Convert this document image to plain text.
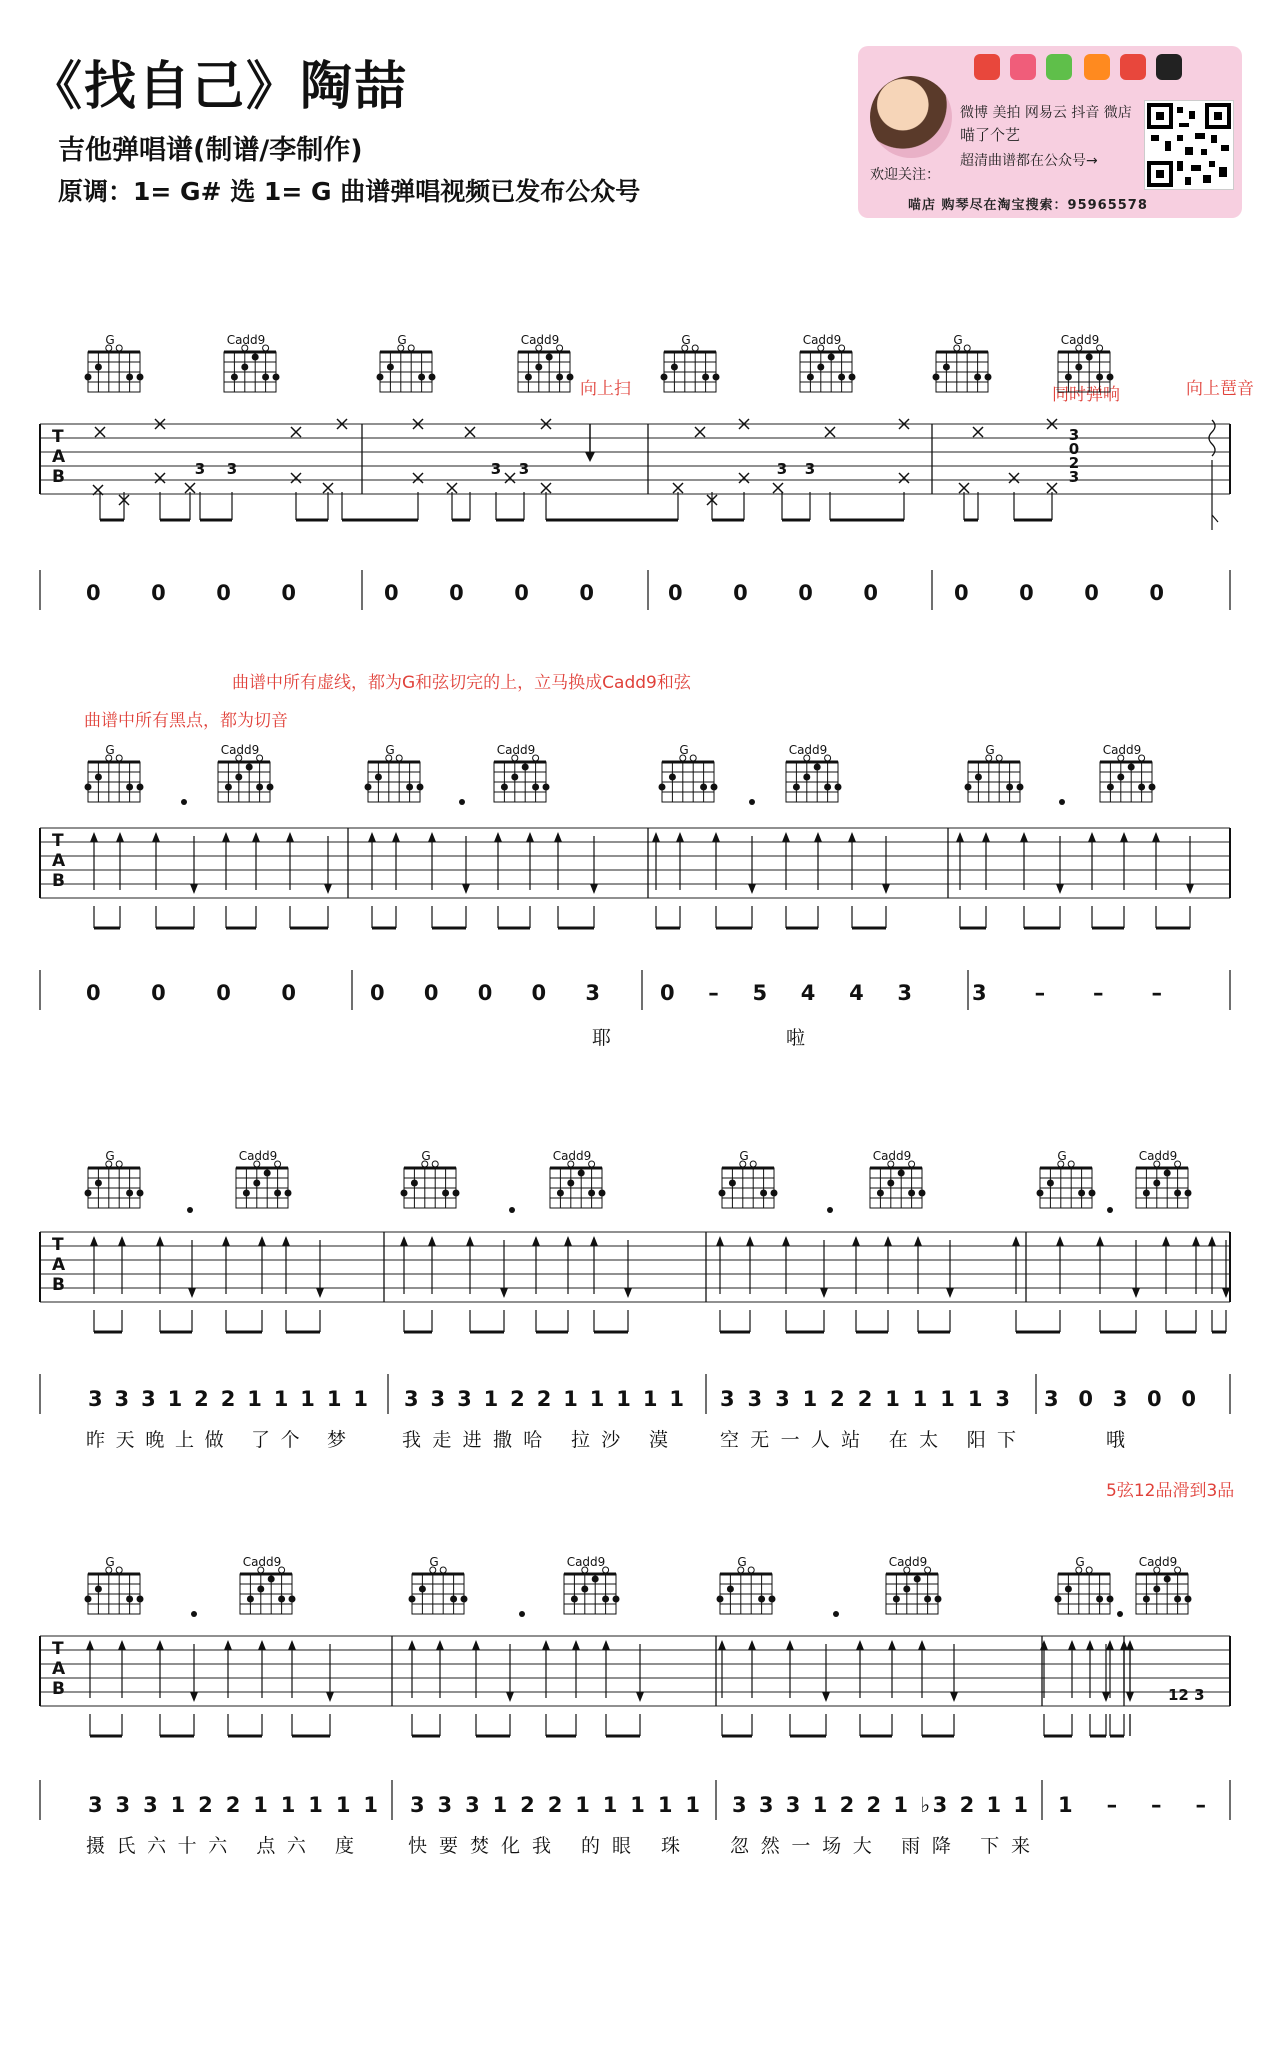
《找自己》陶喆
吉他弹唱谱(制谱/李制作)
原调：1= G# 选 1= G 曲谱弹唱视频已发布公众号
微博 美拍 网易云 抖音 微店
喵了个艺
欢迎关注：
超清曲谱都在公众号→
喵店 购琴尽在淘宝搜索：95965578
向上扫	同时弹响	向上琶音
曲谱中所有虚线，都为G和弦切完的上，立马换成Cadd9和弦
曲谱中所有黑点，都为切音
5弦12品滑到3品
T
A
B
G	Cadd9	G	Cadd9	G	Cadd9	G	Cadd9
3 3	3 3	3 3
3
0
2
3
0 0 0 0	0 0 0 0	0 0 0 0	0 0 0 0
T
A
B
G	Cadd9	G	Cadd9	G	Cadd9	G	Cadd9
0 0 0 0	0 0 0 0 3	0 – 5 4 4 3	3 – – –
耶	啦
T
A
B
G	Cadd9	G	Cadd9	G	Cadd9	G	Cadd9
3 3 3 1 2 2 1 1 1 1 1 3 3 3 1 2 2 1 1 1 1 1 3 3 3 1 2 2 1 1 1 1 3 3 0 3 0 0
昨天晚上做 了个 梦	我走进撒哈 拉沙 漠	空无一人站 在太 阳下	哦
T
A
B
G	Cadd9	G	Cadd9	G	Cadd9	G	Cadd9
12 3
3 3 3 1 2 2 1 1 1 1 1 3 3 3 1 2 2 1 1 1 1 1 3 3 3 1 2 2 1 ♭3 2 1 1 1 – – –
摄氏六十六 点六 度	快要焚化我 的眼 珠	忽然一场大 雨降 下来
